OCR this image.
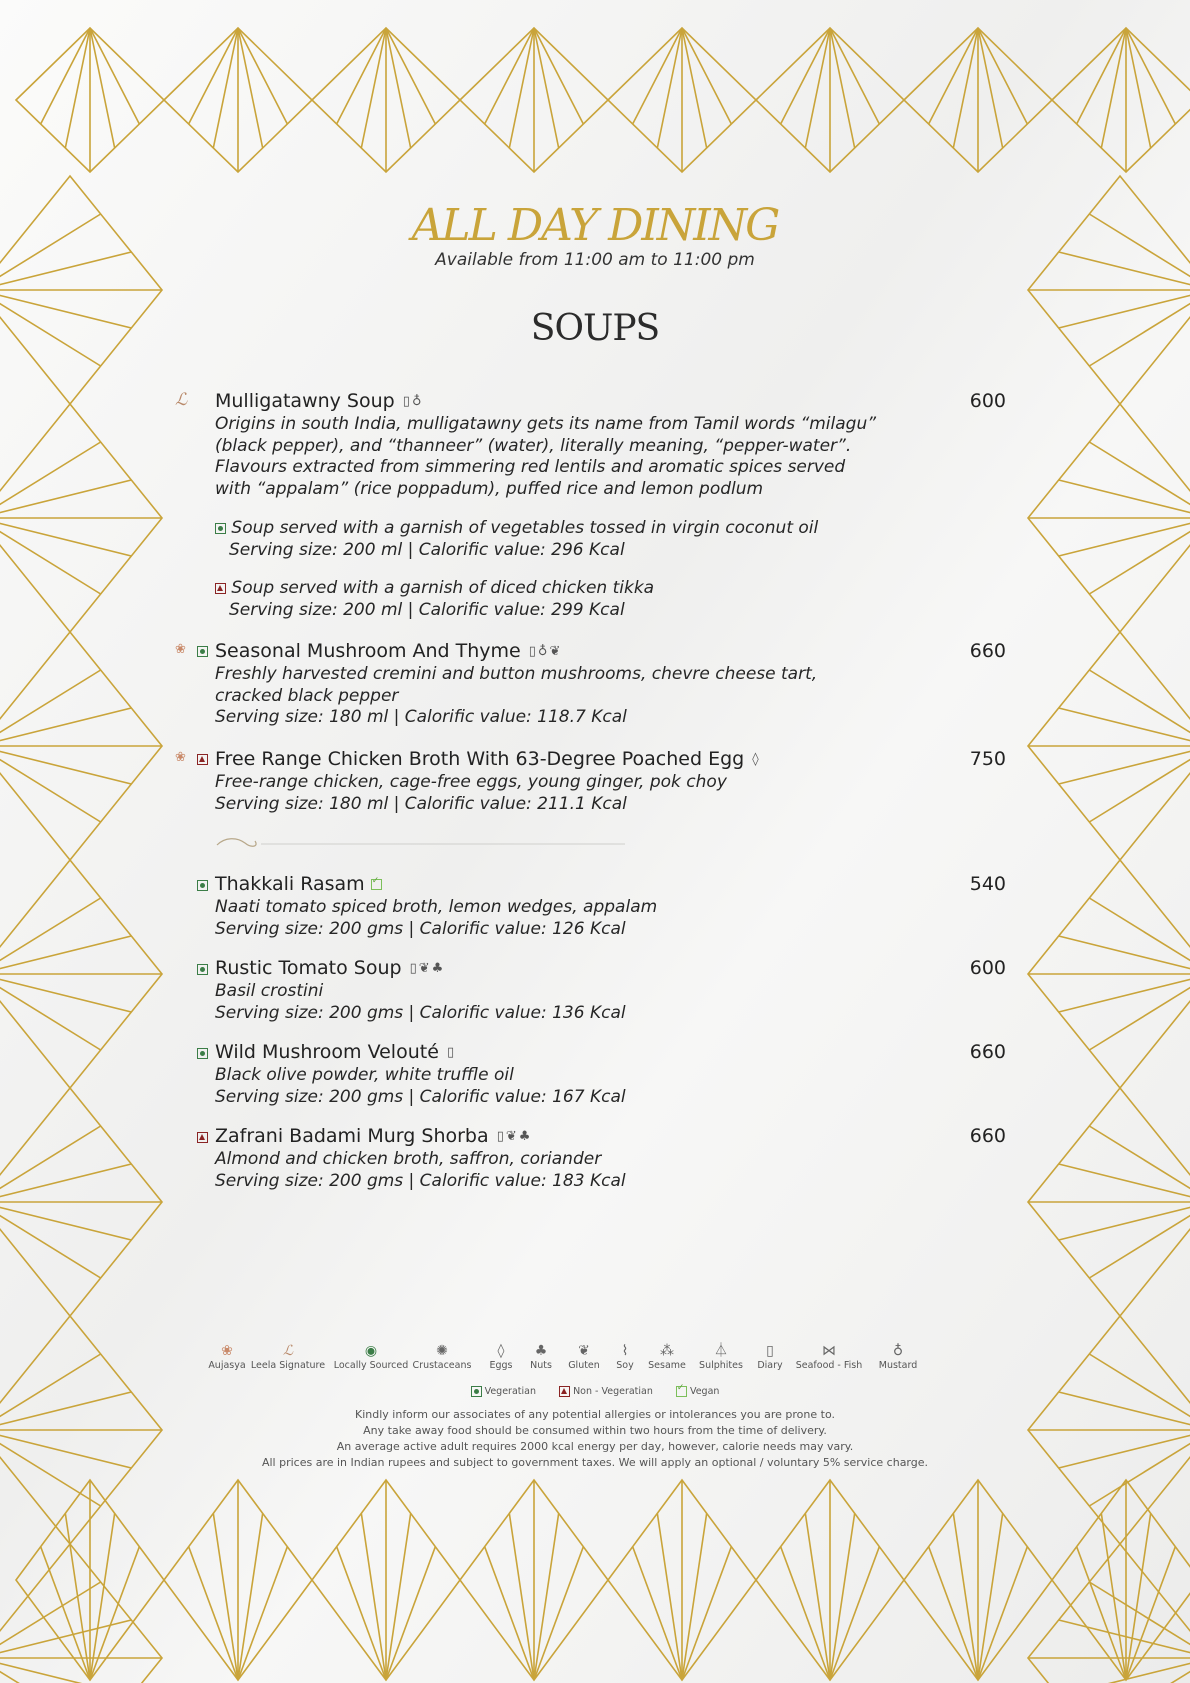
ALL DAY DINING
Available from 11:00 am to 11:00 pm
SOUPS
ℒ Mulligatawny Soup ▯ ♁	600
Origins in south India, mulligatawny gets its name from Tamil words “milagu”
(black pepper), and “thanneer” (water), literally meaning, “pepper-water”.
Flavours extracted from simmering red lentils and aromatic spices served
with “appalam” (rice poppadum), puffed rice and lemon podlum
Soup served with a garnish of vegetables tossed in virgin coconut oil
Serving size: 200 ml | Calorific value: 296 Kcal
Soup served with a garnish of diced chicken tikka
Serving size: 200 ml | Calorific value: 299 Kcal
❀ Seasonal Mushroom And Thyme ▯ ♁ ❦	660
Freshly harvested cremini and button mushrooms, chevre cheese tart,
cracked black pepper
Serving size: 180 ml | Calorific value: 118.7 Kcal
❀ Free Range Chicken Broth With 63-Degree Poached Egg ◊	750
Free-range chicken, cage-free eggs, young ginger, pok choy
Serving size: 180 ml | Calorific value: 211.1 Kcal
Thakkali Rasam ✓	540
Naati tomato spiced broth, lemon wedges, appalam
Serving size: 200 gms | Calorific value: 126 Kcal
Rustic Tomato Soup ▯ ❦ ♣	600
Basil crostini
Serving size: 200 gms | Calorific value: 136 Kcal
Wild Mushroom Velouté ▯	660
Black olive powder, white truffle oil
Serving size: 200 gms | Calorific value: 167 Kcal
Zafrani Badami Murg Shorba ▯ ❦ ♣	660
Almond and chicken broth, saffron, coriander
Serving size: 200 gms | Calorific value: 183 Kcal
❀
Aujasya
ℒ
Leela Signature
◉
Locally Sourced
✺
Crustaceans
◊
Eggs
♣
Nuts
❦
Gluten
⌇
Soy
⁂
Sesame
⏃
Sulphites
▯
Diary
⋈
Seafood - Fish
♁
Mustard
Vegeratian	Non - Vegeratian ✓	Vegan
Kindly inform our associates of any potential allergies or intolerances you are prone to.
Any take away food should be consumed within two hours from the time of delivery.
An average active adult requires 2000 kcal energy per day, however, calorie needs may vary.
All prices are in Indian rupees and subject to government taxes. We will apply an optional / voluntary 5% service charge.
